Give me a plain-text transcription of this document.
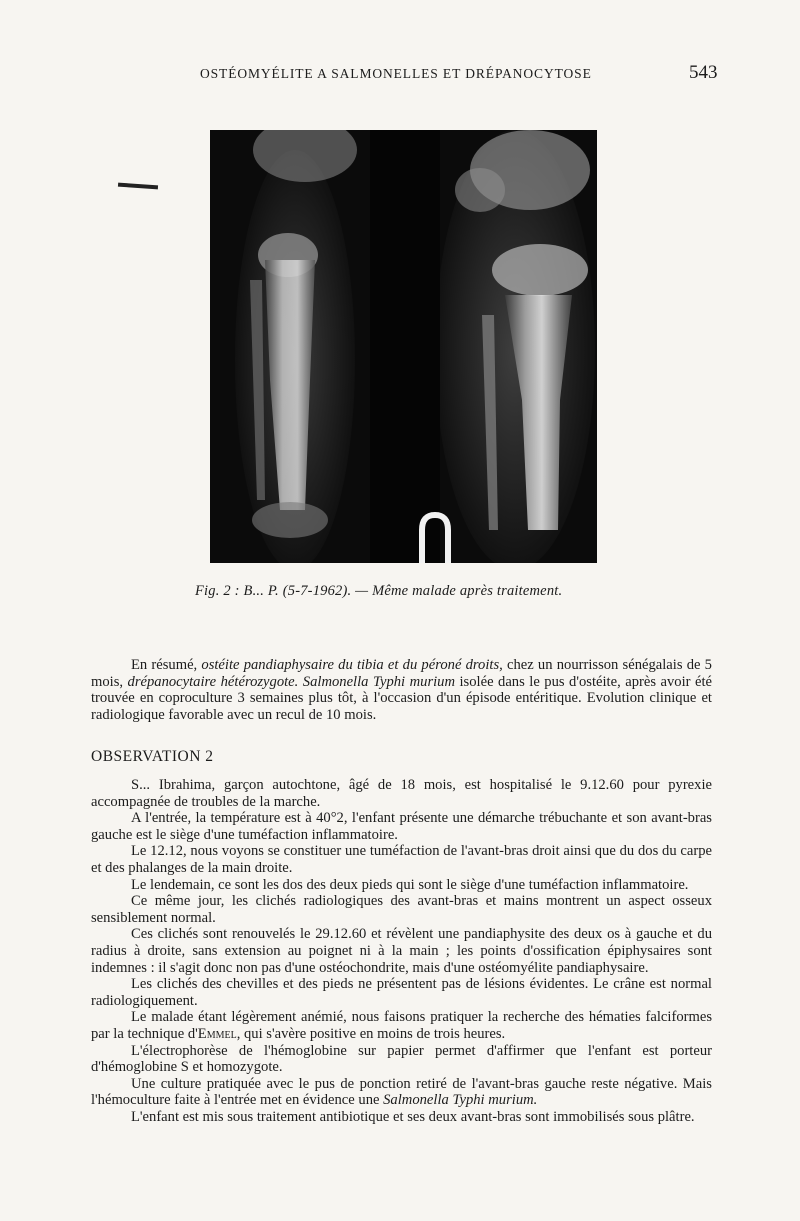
OSTÉOMYÉLITE A SALMONELLES ET DRÉPANOCYTOSE	543
Fig. 2 : B... P. (5-7-1962). — Même malade après traitement.

En résumé, ostéite pandiaphysaire du tibia et du péroné droits, chez un nourrisson sénégalais de 5 mois, drépanocytaire hétérozygote. Salmonella Typhi murium isolée dans le pus d'ostéite, après avoir été trouvée en coproculture 3 semaines plus tôt, à l'occasion d'un épisode entéritique. Evolution clinique et radiologique favorable avec un recul de 10 mois.

OBSERVATION 2

S... Ibrahima, garçon autochtone, âgé de 18 mois, est hospitalisé le 9.12.60 pour pyrexie accompagnée de troubles de la marche.

A l'entrée, la température est à 40°2, l'enfant présente une démarche trébuchante et son avant-bras gauche est le siège d'une tuméfaction inflammatoire.

Le 12.12, nous voyons se constituer une tuméfaction de l'avant-bras droit ainsi que du dos du carpe et des phalanges de la main droite.

Le lendemain, ce sont les dos des deux pieds qui sont le siège d'une tuméfaction inflammatoire.

Ce même jour, les clichés radiologiques des avant-bras et mains montrent un aspect osseux sensiblement normal.

Ces clichés sont renouvelés le 29.12.60 et révèlent une pandiaphysite des deux os à gauche et du radius à droite, sans extension au poignet ni à la main ; les points d'ossification épiphysaires sont indemnes : il s'agit donc non pas d'une ostéochondrite, mais d'une ostéomyélite pandiaphysaire.

Les clichés des chevilles et des pieds ne présentent pas de lésions évidentes. Le crâne est normal radiologiquement.

Le malade étant légèrement anémié, nous faisons pratiquer la recherche des hématies falciformes par la technique d'Emmel, qui s'avère positive en moins de trois heures.

L'électrophorèse de l'hémoglobine sur papier permet d'affirmer que l'enfant est porteur d'hémoglobine S et homozygote.

Une culture pratiquée avec le pus de ponction retiré de l'avant-bras gauche reste négative. Mais l'hémoculture faite à l'entrée met en évidence une Salmonella Typhi murium.

L'enfant est mis sous traitement antibiotique et ses deux avant-bras sont immobilisés sous plâtre.
